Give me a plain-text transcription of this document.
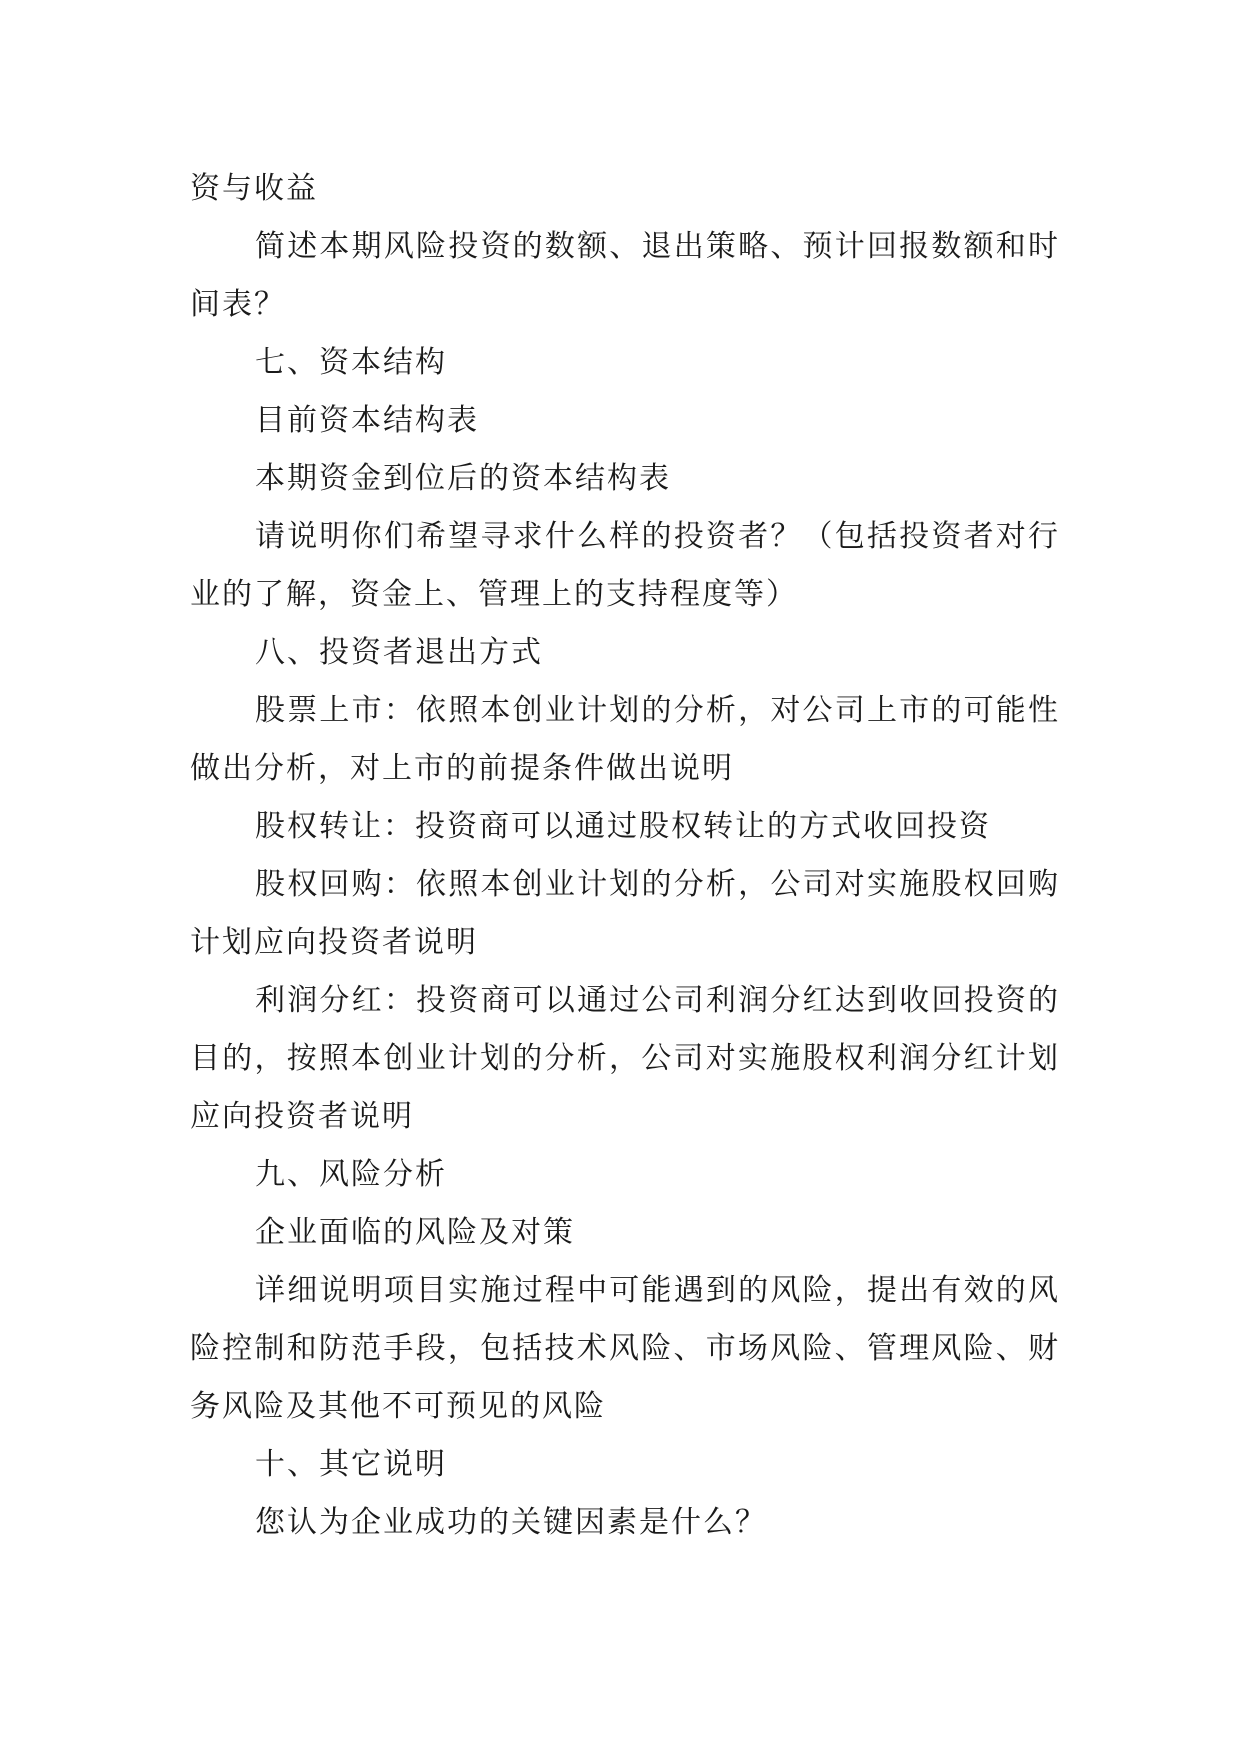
资与收益

简述本期风险投资的数额、退出策略、预计回报数额和时间表？

七、资本结构

目前资本结构表

本期资金到位后的资本结构表

请说明你们希望寻求什么样的投资者？（包括投资者对行业的了解，资金上、管理上的支持程度等）

八、投资者退出方式

股票上市：依照本创业计划的分析，对公司上市的可能性做出分析，对上市的前提条件做出说明

股权转让：投资商可以通过股权转让的方式收回投资

股权回购：依照本创业计划的分析，公司对实施股权回购计划应向投资者说明

利润分红：投资商可以通过公司利润分红达到收回投资的目的，按照本创业计划的分析，公司对实施股权利润分红计划应向投资者说明

九、风险分析

企业面临的风险及对策

详细说明项目实施过程中可能遇到的风险，提出有效的风险控制和防范手段，包括技术风险、市场风险、管理风险、财务风险及其他不可预见的风险

十、其它说明

您认为企业成功的关键因素是什么？
